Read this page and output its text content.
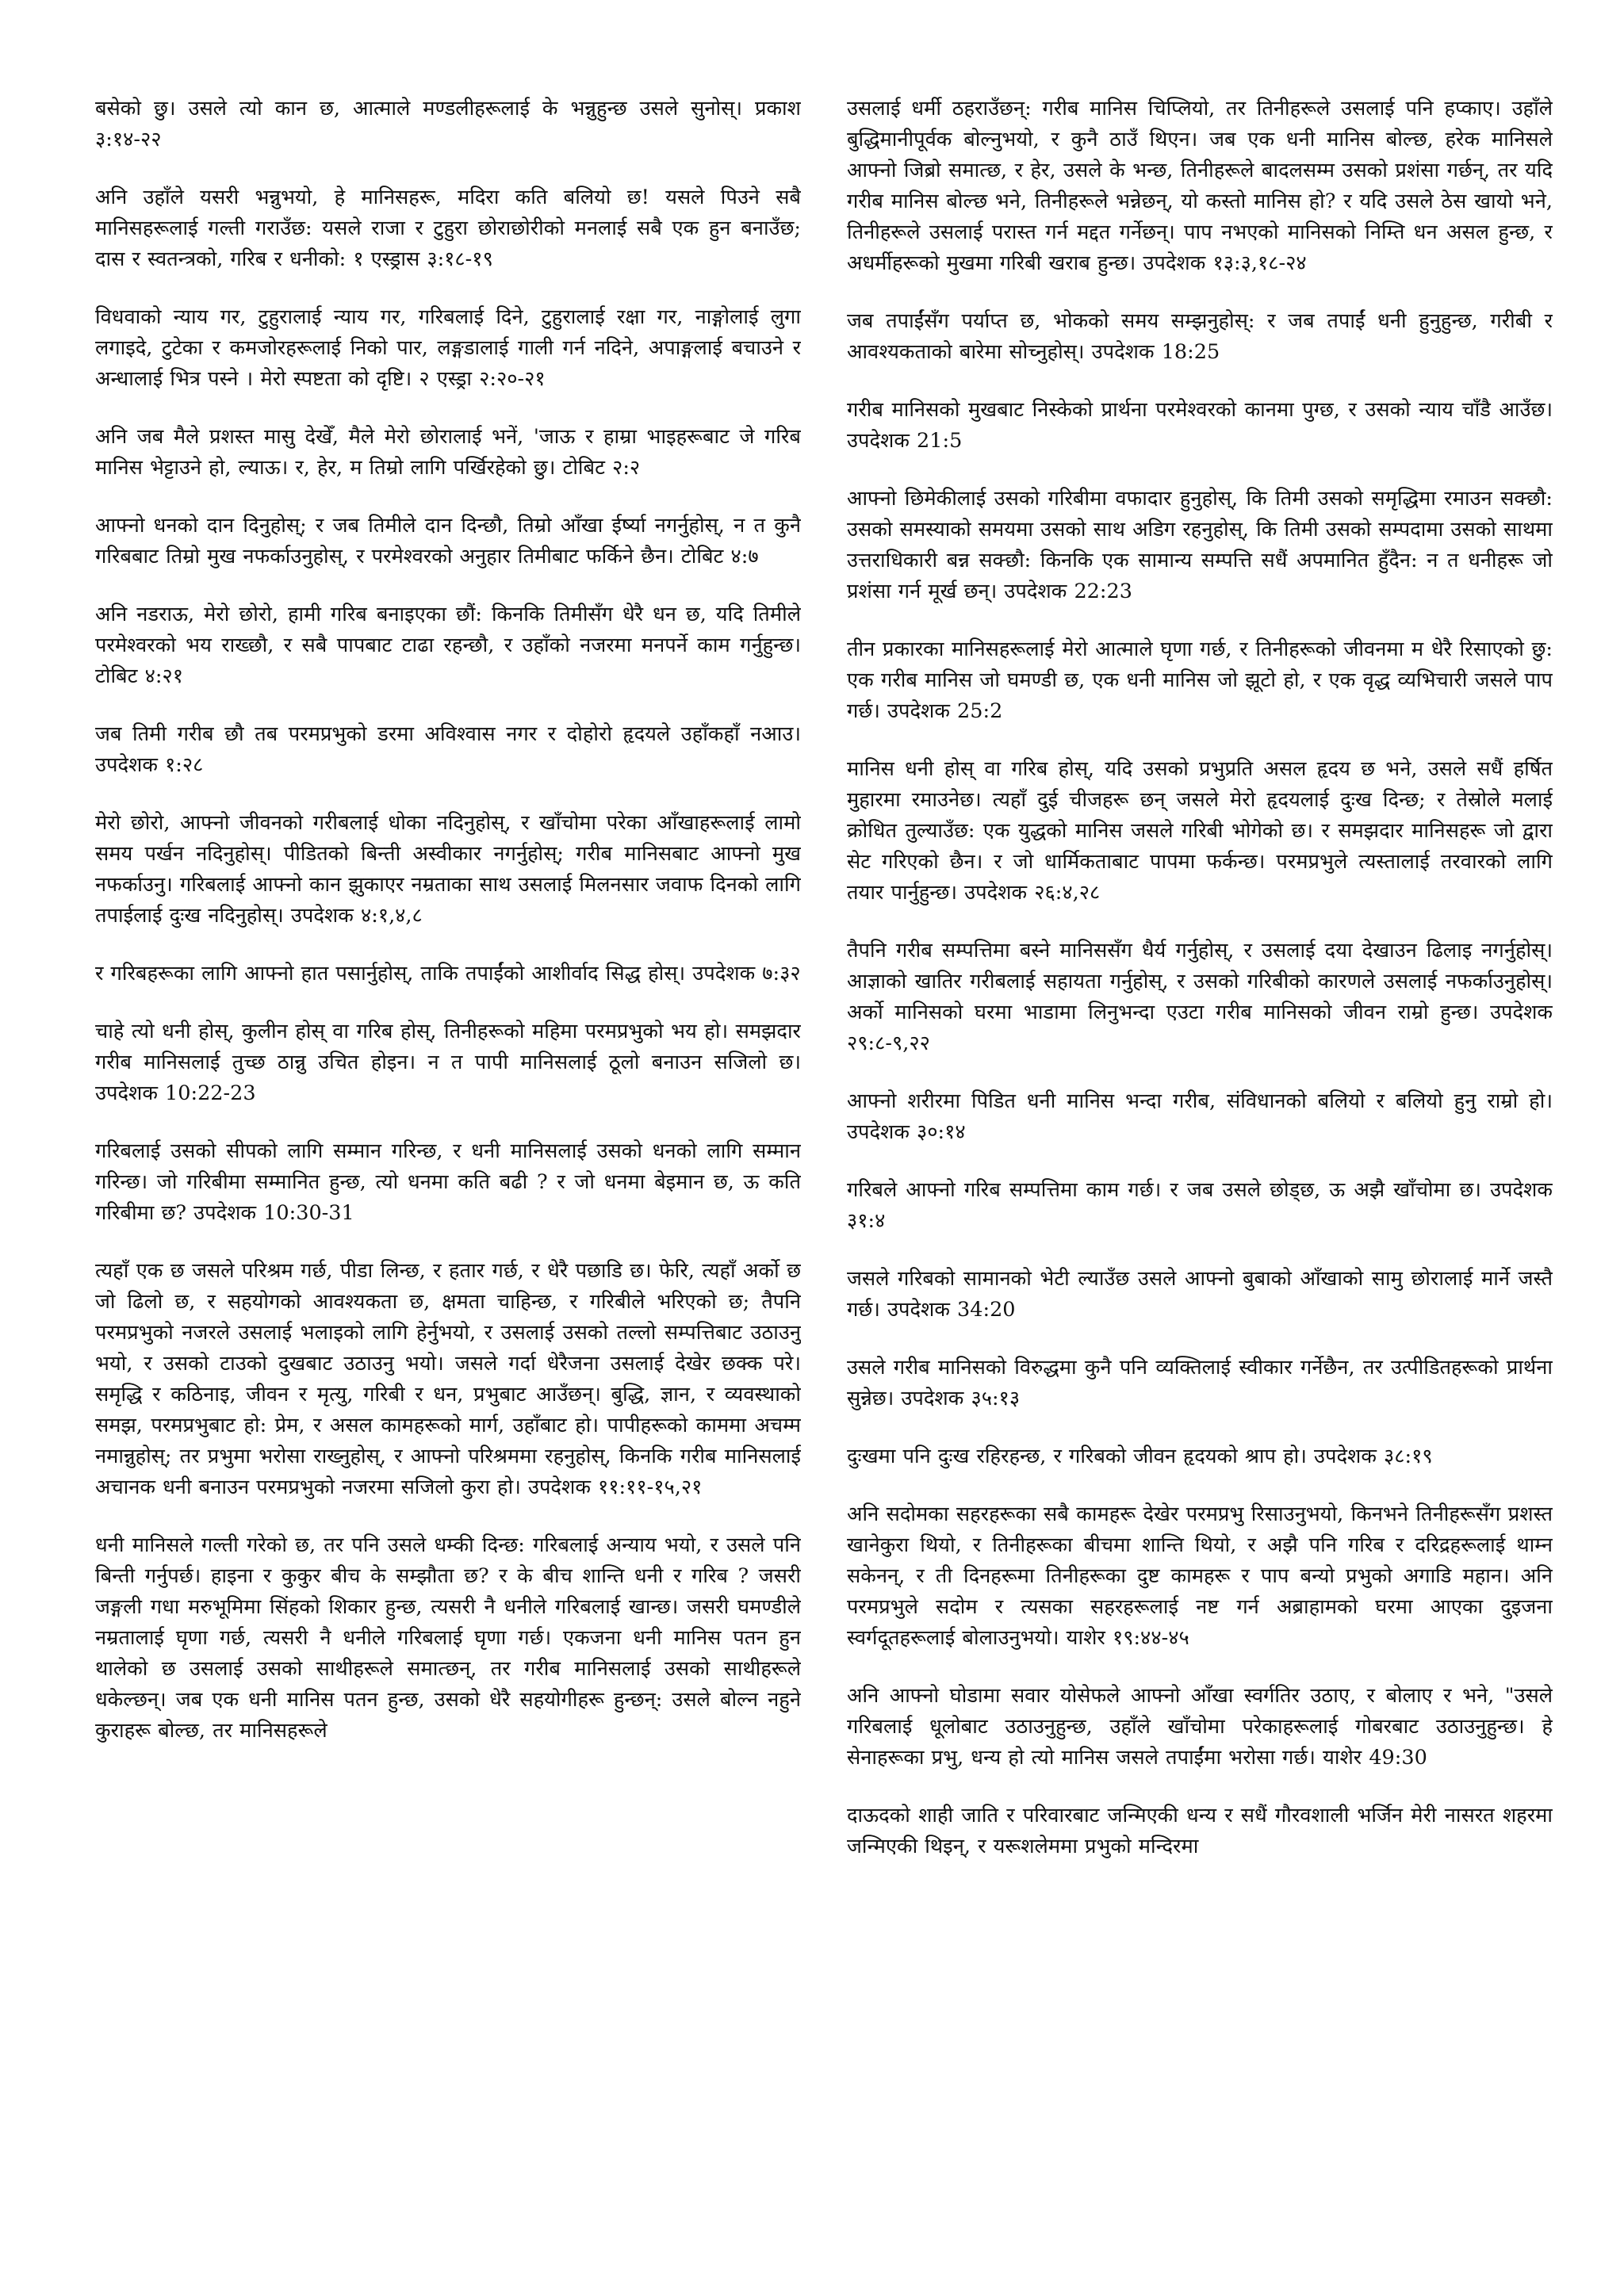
बसेको छु। उसले त्यो कान छ, आत्माले मण्डलीहरूलाई के भन्नुहुन्छ उसले सुनोस्। प्रकाश ३:१४-२२

अनि उहाँले यसरी भन्नुभयो, हे मानिसहरू, मदिरा कति बलियो छ! यसले पिउने सबै मानिसहरूलाई गल्ती गराउँछ: यसले राजा र टुहुरा छोराछोरीको मनलाई सबै एक हुन बनाउँछ; दास र स्वतन्त्रको, गरिब र धनीको: १ एस्ड्रास ३:१८-१९

विधवाको न्याय गर, टुहुरालाई न्याय गर, गरिबलाई दिने, टुहुरालाई रक्षा गर, नाङ्गोलाई लुगा लगाइदे, टुटेका र कमजोरहरूलाई निको पार, लङ्गडालाई गाली गर्न नदिने, अपाङ्गलाई बचाउने र अन्धालाई भित्र पस्ने । मेरो स्पष्टता को दृष्टि। २ एस्ड्रा २:२०-२१

अनि जब मैले प्रशस्त मासु देखेँ, मैले मेरो छोरालाई भनें, 'जाऊ र हाम्रा भाइहरूबाट जे गरिब मानिस भेट्टाउने हो, ल्याऊ। र, हेर, म तिम्रो लागि पर्खिरहेको छु। टोबिट २:२

आफ्नो धनको दान दिनुहोस्; र जब तिमीले दान दिन्छौ, तिम्रो आँखा ईर्ष्या नगर्नुहोस्, न त कुनै गरिबबाट तिम्रो मुख नफर्काउनुहोस्, र परमेश्वरको अनुहार तिमीबाट फर्किने छैन। टोबिट ४:७

अनि नडराऊ, मेरो छोरो, हामी गरिब बनाइएका छौं: किनकि तिमीसँग धेरै धन छ, यदि तिमीले परमेश्वरको भय राख्छौ, र सबै पापबाट टाढा रहन्छौ, र उहाँको नजरमा मनपर्ने काम गर्नुहुन्छ। टोबिट ४:२१

जब तिमी गरीब छौ तब परमप्रभुको डरमा अविश्वास नगर र दोहोरो हृदयले उहाँकहाँ नआउ। उपदेशक १:२८

मेरो छोरो, आफ्नो जीवनको गरीबलाई धोका नदिनुहोस्, र खाँचोमा परेका आँखाहरूलाई लामो समय पर्खन नदिनुहोस्। पीडितको बिन्ती अस्वीकार नगर्नुहोस्; गरीब मानिसबाट आफ्नो मुख नफर्काउनु। गरिबलाई आफ्नो कान झुकाएर नम्रताका साथ उसलाई मिलनसार जवाफ दिनको लागि तपाईलाई दुःख नदिनुहोस्। उपदेशक ४:१,४,८

र गरिबहरूका लागि आफ्नो हात पसार्नुहोस्, ताकि तपाईंको आशीर्वाद सिद्ध होस्। उपदेशक ७:३२

चाहे त्यो धनी होस्, कुलीन होस् वा गरिब होस्, तिनीहरूको महिमा परमप्रभुको भय हो। समझदार गरीब मानिसलाई तुच्छ ठान्नु उचित होइन। न त पापी मानिसलाई ठूलो बनाउन सजिलो छ। उपदेशक 10:22-23

गरिबलाई उसको सीपको लागि सम्मान गरिन्छ, र धनी मानिसलाई उसको धनको लागि सम्मान गरिन्छ। जो गरिबीमा सम्मानित हुन्छ, त्यो धनमा कति बढी ? र जो धनमा बेइमान छ, ऊ कति गरिबीमा छ? उपदेशक 10:30-31

त्यहाँ एक छ जसले परिश्रम गर्छ, पीडा लिन्छ, र हतार गर्छ, र धेरै पछाडि छ। फेरि, त्यहाँ अर्को छ जो ढिलो छ, र सहयोगको आवश्यकता छ, क्षमता चाहिन्छ, र गरिबीले भरिएको छ; तैपनि परमप्रभुको नजरले उसलाई भलाइको लागि हेर्नुभयो, र उसलाई उसको तल्लो सम्पत्तिबाट उठाउनु भयो, र उसको टाउको दुखबाट उठाउनु भयो। जसले गर्दा धेरैजना उसलाई देखेर छक्क परे। समृद्धि र कठिनाइ, जीवन र मृत्यु, गरिबी र धन, प्रभुबाट आउँछन्। बुद्धि, ज्ञान, र व्यवस्थाको समझ, परमप्रभुबाट हो: प्रेम, र असल कामहरूको मार्ग, उहाँबाट हो। पापीहरूको काममा अचम्म नमान्नुहोस्; तर प्रभुमा भरोसा राख्नुहोस्, र आफ्नो परिश्रममा रहनुहोस्, किनकि गरीब मानिसलाई अचानक धनी बनाउन परमप्रभुको नजरमा सजिलो कुरा हो। उपदेशक ११:११-१५,२१

धनी मानिसले गल्ती गरेको छ, तर पनि उसले धम्की दिन्छ: गरिबलाई अन्याय भयो, र उसले पनि बिन्ती गर्नुपर्छ। हाइना र कुकुर बीच के सम्झौता छ? र के बीच शान्ति धनी र गरिब ? जसरी जङ्गली गधा मरुभूमिमा सिंहको शिकार हुन्छ, त्यसरी नै धनीले गरिबलाई खान्छ। जसरी घमण्डीले नम्रतालाई घृणा गर्छ, त्यसरी नै धनीले गरिबलाई घृणा गर्छ। एकजना धनी मानिस पतन हुन थालेको छ उसलाई उसको साथीहरूले समात्छन्, तर गरीब मानिसलाई उसको साथीहरूले धकेल्छन्। जब एक धनी मानिस पतन हुन्छ, उसको धेरै सहयोगीहरू हुन्छन्: उसले बोल्न नहुने कुराहरू बोल्छ, तर मानिसहरूले

उसलाई धर्मी ठहराउँछन्: गरीब मानिस चिप्लियो, तर तिनीहरूले उसलाई पनि हप्काए। उहाँले बुद्धिमानीपूर्वक बोल्नुभयो, र कुनै ठाउँ थिएन। जब एक धनी मानिस बोल्छ, हरेक मानिसले आफ्नो जिब्रो समात्छ, र हेर, उसले के भन्छ, तिनीहरूले बादलसम्म उसको प्रशंसा गर्छन्, तर यदि गरीब मानिस बोल्छ भने, तिनीहरूले भन्नेछन्, यो कस्तो मानिस हो? र यदि उसले ठेस खायो भने, तिनीहरूले उसलाई परास्त गर्न मद्दत गर्नेछन्। पाप नभएको मानिसको निम्ति धन असल हुन्छ, र अधर्मीहरूको मुखमा गरिबी खराब हुन्छ। उपदेशक १३:३,१८-२४

जब तपाईंसँग पर्याप्त छ, भोकको समय सम्झनुहोस्: र जब तपाईं धनी हुनुहुन्छ, गरीबी र आवश्यकताको बारेमा सोच्नुहोस्। उपदेशक 18:25

गरीब मानिसको मुखबाट निस्केको प्रार्थना परमेश्वरको कानमा पुग्छ, र उसको न्याय चाँडै आउँछ। उपदेशक 21:5

आफ्नो छिमेकीलाई उसको गरिबीमा वफादार हुनुहोस्, कि तिमी उसको समृद्धिमा रमाउन सक्छौ: उसको समस्याको समयमा उसको साथ अडिग रहनुहोस्, कि तिमी उसको सम्पदामा उसको साथमा उत्तराधिकारी बन्न सक्छौ: किनकि एक सामान्य सम्पत्ति सधैं अपमानित हुँदैन: न त धनीहरू जो प्रशंसा गर्न मूर्ख छन्। उपदेशक 22:23

तीन प्रकारका मानिसहरूलाई मेरो आत्माले घृणा गर्छ, र तिनीहरूको जीवनमा म धेरै रिसाएको छु: एक गरीब मानिस जो घमण्डी छ, एक धनी मानिस जो झूटो हो, र एक वृद्ध व्यभिचारी जसले पाप गर्छ। उपदेशक 25:2

मानिस धनी होस् वा गरिब होस्, यदि उसको प्रभुप्रति असल हृदय छ भने, उसले सधैं हर्षित मुहारमा रमाउनेछ। त्यहाँ दुई चीजहरू छन् जसले मेरो हृदयलाई दुःख दिन्छ; र तेस्रोले मलाई क्रोधित तुल्याउँछ: एक युद्धको मानिस जसले गरिबी भोगेको छ। र समझदार मानिसहरू जो द्वारा सेट गरिएको छैन। र जो धार्मिकताबाट पापमा फर्कन्छ। परमप्रभुले त्यस्तालाई तरवारको लागि तयार पार्नुहुन्छ। उपदेशक २६:४,२८

तैपनि गरीब सम्पत्तिमा बस्ने मानिससँग धैर्य गर्नुहोस्, र उसलाई दया देखाउन ढिलाइ नगर्नुहोस्। आज्ञाको खातिर गरीबलाई सहायता गर्नुहोस्, र उसको गरिबीको कारणले उसलाई नफर्काउनुहोस्। अर्को मानिसको घरमा भाडामा लिनुभन्दा एउटा गरीब मानिसको जीवन राम्रो हुन्छ। उपदेशक २९:८-९,२२

आफ्नो शरीरमा पिडित धनी मानिस भन्दा गरीब, संविधानको बलियो र बलियो हुनु राम्रो हो। उपदेशक ३०:१४

गरिबले आफ्नो गरिब सम्पत्तिमा काम गर्छ। र जब उसले छोड्छ, ऊ अझै खाँचोमा छ। उपदेशक ३१:४

जसले गरिबको सामानको भेटी ल्याउँछ उसले आफ्नो बुबाको आँखाको सामु छोरालाई मार्ने जस्तै गर्छ। उपदेशक 34:20

उसले गरीब मानिसको विरुद्धमा कुनै पनि व्यक्तिलाई स्वीकार गर्नेछैन, तर उत्पीडितहरूको प्रार्थना सुन्नेछ। उपदेशक ३५:१३

दुःखमा पनि दुःख रहिरहन्छ, र गरिबको जीवन हृदयको श्राप हो। उपदेशक ३८:१९

अनि सदोमका सहरहरूका सबै कामहरू देखेर परमप्रभु रिसाउनुभयो, किनभने तिनीहरूसँग प्रशस्त खानेकुरा थियो, र तिनीहरूका बीचमा शान्ति थियो, र अझै पनि गरिब र दरिद्रहरूलाई थाम्न सकेनन्, र ती दिनहरूमा तिनीहरूका दुष्ट कामहरू र पाप बन्यो प्रभुको अगाडि महान। अनि परमप्रभुले सदोम र त्यसका सहरहरूलाई नष्ट गर्न अब्राहामको घरमा आएका दुइजना स्वर्गदूतहरूलाई बोलाउनुभयो। याशेर १९:४४-४५

अनि आफ्नो घोडामा सवार योसेफले आफ्नो आँखा स्वर्गतिर उठाए, र बोलाए र भने, "उसले गरिबलाई धूलोबाट उठाउनुहुन्छ, उहाँले खाँचोमा परेकाहरूलाई गोबरबाट उठाउनुहुन्छ। हे सेनाहरूका प्रभु, धन्य हो त्यो मानिस जसले तपाईंमा भरोसा गर्छ। याशेर 49:30

दाऊदको शाही जाति र परिवारबाट जन्मिएकी धन्य र सधैं गौरवशाली भर्जिन मेरी नासरत शहरमा जन्मिएकी थिइन्, र यरूशलेममा प्रभुको मन्दिरमा
